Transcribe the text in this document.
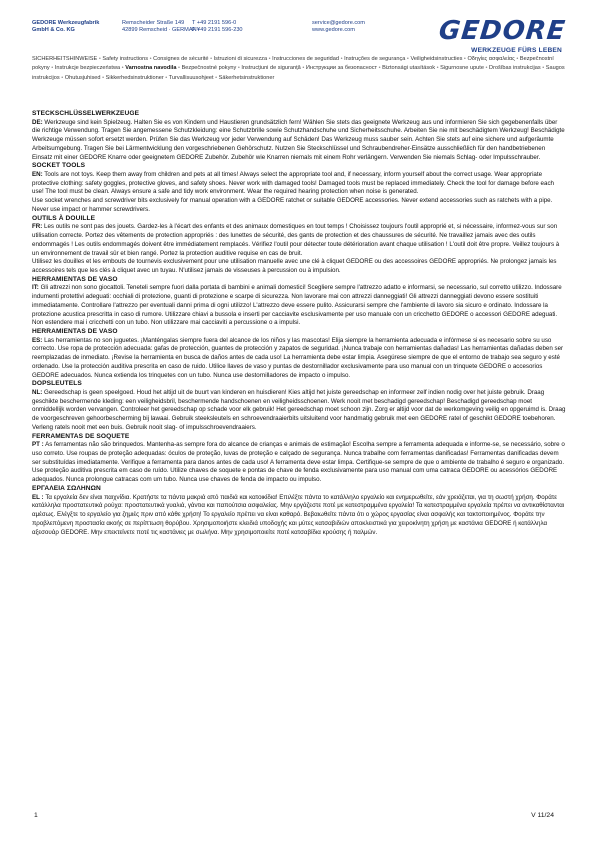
GEDORE Werkzeugfabrik
GmbH & Co. KG
Remscheider Straße 149
42899 Remscheid · GERMANY
T +49 2191 596-0
F +49 2191 596-230
service@gedore.com
www.gedore.com	GEDORE
WERKZEUGE FÜRS LEBEN
SICHERHEITSHINWEISE • Safety instructions • Consignes de sécurité • Istruzioni di sicurezza • Instrucciones de seguridad • Instruções de segurança • Veiligheidsinstructies • Οδηγίες ασφαλείας • Bezpečnostní pokyny • Instrukcje bezpieczeństwa • Varnostna navodila • Bezpečnostné pokyny • Instrucțiuni de siguranță • Инструкции за безопасност • Biztonsági utasítások • Sigurnosne upute • Drošības instrukcijas • Saugos instrukcijos • Ohutusjuhised • Sikkerhedsinstruktioner • Turvallisuusohjeet • Säkerhetsinstruktioner
STECKSCHLÜSSELWERKZEUGE
DE: Werkzeuge sind kein Spielzeug. Halten Sie es von Kindern und Haustieren grundsätzlich fern! Wählen Sie stets das geeignete Werkzeug aus und informieren Sie sich gegebenenfalls über die richtige Verwendung. Tragen Sie angemessene Schutzkleidung: eine Schutzbrille sowie Schutzhandschuhe und Sicherheitsschuhe. Arbeiten Sie nie mit beschädigtem Werkzeug! Beschädigte Werkzeuge müssen sofort ersetzt werden. Prüfen Sie das Werkzeug vor jeder Verwendung auf Schäden! Das Werkzeug muss sauber sein. Achten Sie stets auf eine sichere und aufgeräumte Arbeitsumgebung. Tragen Sie bei Lärmentwicklung den vorgeschriebenen Gehörschutz. Nutzen Sie Steckschlüssel und Schraubendreher-Einsätze ausschließlich für den handbetriebenen Einsatz mit einer GEDORE Knarre oder geeignetem GEDORE Zubehör. Zubehör wie Knarren niemals mit einem Rohr verlängern. Verwenden Sie niemals Schlag- oder Impulsschrauber.
SOCKET TOOLS
EN: Tools are not toys. Keep them away from children and pets at all times! Always select the appropriate tool and, if necessary, inform yourself about the correct usage. Wear appropriate protective clothing: safety goggles, protective gloves, and safety shoes. Never work with damaged tools! Damaged tools must be replaced immediately. Check the tool for damage before each use! The tool must be clean. Always ensure a safe and tidy work environment. Wear the required hearing protection when noise is generated.
Use socket wrenches and screwdriver bits exclusively for manual operation with a GEDORE ratchet or suitable GEDORE accessories. Never extend accessories such as ratchets with a pipe. Never use impact or hammer screwdrivers.
OUTILS À DOUILLE
FR: Les outils ne sont pas des jouets. Gardez-les à l'écart des enfants et des animaux domestiques en tout temps ! Choisissez toujours l'outil approprié et, si nécessaire, informez-vous sur son utilisation correcte. Portez des vêtements de protection appropriés : des lunettes de sécurité, des gants de protection et des chaussures de sécurité. Ne travaillez jamais avec des outils endommagés ! Les outils endommagés doivent être immédiatement remplacés. Vérifiez l'outil pour détecter toute détérioration avant chaque utilisation ! L'outil doit être propre. Veillez toujours à un environnement de travail sûr et bien rangé. Portez la protection auditive requise en cas de bruit.
Utilisez les douilles et les embouts de tournevis exclusivement pour une utilisation manuelle avec une clé à cliquet GEDORE ou des accessoires GEDORE appropriés. Ne prolongez jamais les accessoires tels que les clés à cliquet avec un tuyau. N'utilisez jamais de visseuses à percussion ou à impulsion.
HERRAMIENTAS DE VASO
IT: Gli attrezzi non sono giocattoli. Teneteli sempre fuori dalla portata di bambini e animali domestici! Scegliere sempre l'attrezzo adatto e informarsi, se necessario, sul corretto utilizzo. Indossare indumenti protettivi adeguati: occhiali di protezione, guanti di protezione e scarpe di sicurezza. Non lavorare mai con attrezzi danneggiati! Gli attrezzi danneggiati devono essere sostituiti immediatamente. Controllare l'attrezzo per eventuali danni prima di ogni utilizzo! L'attrezzo deve essere pulito. Assicurarsi sempre che l'ambiente di lavoro sia sicuro e ordinato. Indossare la protezione acustica prescritta in caso di rumore. Utilizzare chiavi a bussola e inserti per cacciavite esclusivamente per uso manuale con un cricchetto GEDORE o accessori GEDORE adeguati. Non estendere mai i cricchetti con un tubo. Non utilizzare mai cacciaviti a percussione o a impulsi.
HERRAMIENTAS DE VASO
ES: Las herramientas no son juguetes. ¡Manténgalas siempre fuera del alcance de los niños y las mascotas! Elija siempre la herramienta adecuada e infórmese si es necesario sobre su uso correcto. Use ropa de protección adecuada: gafas de protección, guantes de protección y zapatos de seguridad. ¡Nunca trabaje con herramientas dañadas! Las herramientas dañadas deben ser reemplazadas de inmediato. ¡Revise la herramienta en busca de daños antes de cada uso! La herramienta debe estar limpia. Asegúrese siempre de que el entorno de trabajo sea seguro y esté ordenado. Use la protección auditiva prescrita en caso de ruido. Utilice llaves de vaso y puntas de destornillador exclusivamente para uso manual con un trinquete GEDORE o accesorios GEDORE adecuados. Nunca extienda los trinquetes con un tubo. Nunca use destornilladores de impacto o impulso.
DOPSLEUTELS
NL: Gereedschap is geen speelgoed. Houd het altijd uit de buurt van kinderen en huisdieren! Kies altijd het juiste gereedschap en informeer zelf indien nodig over het juiste gebruik. Draag geschikte beschermende kleding: een veiligheidsbril, beschermende handschoenen en veiligheidsschoenen. Werk nooit met beschadigd gereedschap! Beschadigd gereedschap moet onmiddellijk worden vervangen. Controleer het gereedschap op schade voor elk gebruik! Het gereedschap moet schoon zijn. Zorg er altijd voor dat de werkomgeving veilig en opgeruimd is. Draag de voorgeschreven gehoorbescherming bij lawaai. Gebruik steeksleutels en schroevendraaierbits uitsluitend voor handmatig gebruik met een GEDORE ratel of geschikt GEDORE toebehoren. Verleng ratels nooit met een buis. Gebruik nooit slag- of impulsschroevendraaiers.
FERRAMENTAS DE SOQUETE
PT : As ferramentas não são brinquedos. Mantenha-as sempre fora do alcance de crianças e animais de estimação! Escolha sempre a ferramenta adequada e informe-se, se necessário, sobre o uso correto. Use roupas de proteção adequadas: óculos de proteção, luvas de proteção e calçado de segurança. Nunca trabalhe com ferramentas danificadas! Ferramentas danificadas devem ser substituídas imediatamente. Verifique a ferramenta para danos antes de cada uso! A ferramenta deve estar limpa. Certifique-se sempre de que o ambiente de trabalho é seguro e organizado. Use proteção auditiva prescrita em caso de ruído. Utilize chaves de soquete e pontas de chave de fenda exclusivamente para uso manual com uma catraca GEDORE ou acessórios GEDORE adequados. Nunca prolongue catracas com um tubo. Nunca use chaves de fenda de impacto ou impulso.
ΕΡΓΑΛΕΙΑ ΣΩΛΗΝΩΝ
EL : Τα εργαλεία δεν είναι παιχνίδια. Κρατήστε τα πάντα μακριά από παιδιά και κατοικίδια! Επιλέξτε πάντα το κατάλληλο εργαλείο και ενημερωθείτε, εάν χρειάζεται, για τη σωστή χρήση. Φοράτε κατάλληλα προστατευτικά ρούχα: προστατευτικά γυαλιά, γάντια και παπούτσια ασφαλείας. Μην εργάζεστε ποτέ με κατεστραμμένα εργαλεία! Τα κατεστραμμένα εργαλεία πρέπει να αντικαθίστανται αμέσως. Ελέγξτε το εργαλείο για ζημιές πριν από κάθε χρήση! Το εργαλείο πρέπει να είναι καθαρό. Βεβαιωθείτε πάντα ότι ο χώρος εργασίας είναι ασφαλής και τακτοποιημένος. Φοράτε την προβλεπόμενη προστασία ακοής σε περίπτωση θορύβου. Χρησιμοποιήστε κλειδιά υποδοχής και μύτες κατσαβιδιών αποκλειστικά για χειροκίνητη χρήση με καστάνια GEDORE ή κατάλληλα αξεσουάρ GEDORE. Μην επεκτείνετε ποτέ τις καστάνιες με σωλήνα. Μην χρησιμοποιείτε ποτέ κατσαβίδια κρούσης ή παλμών.
1	V 11/24
